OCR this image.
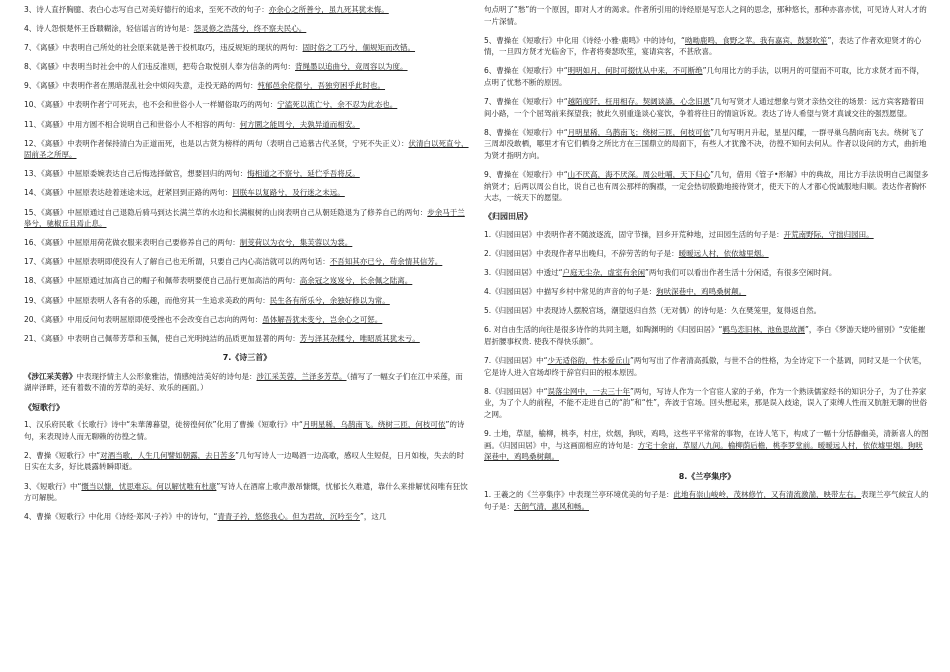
3、诗人直抒胸臆、表白心志写自己对美好德行的追求，至死不改的句子：亦余心之所善兮，虽九死其犹未悔。
4、诗人怨恨楚怀王昏聩糊涂，轻信谣言的诗句是：怨灵修之浩荡兮，终不察夫民心。
7、《离骚》中表明自己所处的社会原来就是善于投机取巧，违反规矩的现状的两句：固时俗之工巧兮，偭规矩而改错。
8、《离骚》中表明当时社会中的人们违反准则，把苟合取悦别人奉为信条的两句：背绳墨以追曲兮，竞周容以为度。
9、《离骚》中表明作者在黑暗混乱社会中烦闷失意，走投无路的两句：忳郁邑余侘傺兮，吾独穷困乎此时也。
10、《离骚》中表明作者宁可死去，也不会和世俗小人一样媚俗取巧的两句：宁溘死以流亡兮，余不忍为此态也。
11、《离骚》中用方圆不相合说明自己和世俗小人不相容的两句：何方圜之能周兮，夫孰异道而相安。
12、《离骚》中表明作者保持清白为正道而死，也是以古贤为榜样的两句（表明自己追慕古代圣贤，宁死不失正义）：伏清白以死直兮，固前圣之所厚。
13、《离骚》中屈原委婉表达自己后悔选择做官，想要回归的两句：悔相道之不察兮，延伫乎吾将反。
14、《离骚》中屈原表达趁着迷途未远，赶紧回到正路的两句：回朕车以复路兮，及行迷之未远。
15、《离骚》中屈原通过自己退隐后骑马到达长满兰草的水边和长满椒树的山岗表明自己从朝廷隐退为了修养自己的两句：步余马于兰皋兮，驰椒丘且焉止息。
16、《离骚》中屈原用荷花做衣服来表明自己要修养自己的两句：制芰荷以为衣兮，集芙蓉以为裳。
17、《离骚》中屈原表明即使没有人了解自己也无所谓，只要自己内心高洁就可以的两句话：不吾知其亦已兮，苟余情其信芳。
18、《离骚》中屈原通过加高自己的帽子和佩带表明要使自己品行更加高洁的两句：高余冠之岌岌兮，长余佩之陆离。
19、《离骚》中屈原表明人各有各的乐趣，而他穷其一生追求美政的两句：民生各有所乐兮，余独好修以为常。
20、《离骚》中用反问句表明屈原即使受挫也不会改变自己志向的两句：虽体解吾犹未变兮，岂余心之可惩。
21、《离骚》中表明自己佩带芳草和玉佩，使自己光明纯洁的品质更加显著的两句：芳与泽其杂糅兮，唯昭质其犹未亏。
7.《诗三首》
《涉江采芙蓉》中表现抒情主人公形象雅洁，情感纯洁美好的诗句是：涉江采芙蓉，兰泽多芳草。（描写了一幅女子们在江中采莲，而湖岸泽畔，还有着数不清的芳草的美好、欢乐的画面。）
《短歌行》
1、汉乐府民歌《长歌行》诗中“朱華薄暮望，徒徬徨何依”化用了曹操《短歌行》中“月明星稀，乌鹊南飞。绕树三匝，何枝可依”的诗句，来表现诗人而无聊赖的彷徨之情。
2、曹操《短歌行》中“对酒当歌，人生几何譬如朝露，去日苦多”几句写诗人一边喝酒一边高歌，感叹人生短促，日月如梭，失去的时日实在太多，好比晨露转瞬即逝。
3、《短歌行》中“慨当以慷，忧思难忘。何以解忧唯有杜康”写诗人在酒席上歌声激昂慷慨，忧郁长久难遣，靠什么来排解忧闷唯有狂饮方可解脱。
4、曹操《短歌行》中化用《诗经·郑风·子衿》中的诗句，“青青子衿，悠悠我心。但为君故，沉吟至今”，这几
句点明了“愁”的一个原因，即对人才的渴求。作者所引用的诗经原是写恋人之间的思念，那种悠长，那种亦喜亦忧，可见诗人对人才的一片深情。
5、曹操在《短歌行》中化用《诗经·小雅·鹿鸣》中的诗句，“呦呦鹿鸣，食野之苹。我有嘉宾，鼓瑟吹笙”，表达了作者欢迎贤才的心情，一旦四方贤才光临舍下，作者将奏瑟吹笙，宴请宾客，不甚欣喜。
6、曹操在《短歌行》中“明明如月，何时可掇忧从中来，不可断绝”几句用比方的手法，以明月的可望而不可取，比方求贤才而不得，点明了忧愁不断的原因。
7、曹操在《短歌行》中“越陌度阡，枉用相存。契阔谈讌，心念旧恩”几句写贤才人通过想象与贤才亲热交往的场景：远方宾客踏着田间小路，一个个屈驾前来探望我；彼此久别重逢谈心宴饮，争着将往日的情谊诉说。表达了诗人希望与贤才真诚交往的强烈愿望。
8、曹操在《短歌行》中“月明星稀，乌鹊南飞；绕树三匝，何枝可依”几句写明月升起，星星闪耀，一群寻巢乌鹊向南飞去。绕树飞了三周却没敢栖，哪里才有它们栖身之所比方在三国鼎立的局面下，有些人才犹豫不决，彷徨不知何去何从。作者以设问的方式，曲折地为贤才指明方向。
9、曹操在《短歌行》中“山不厌高，海不厌深。周公吐哺，天下归心”几句，借用《管子•形解》中的典故，用比方手法说明自己渴望多纳贤才；后两以周公自比，说自己也有周公那样的胸襟，一定会热切殷勤地接待贤才，使天下的人才都心悦诚服地归顺。表达作者胸怀大志，一统天下的愿望。
《归园田居》
1.《归园田居》中表明作者不随波逐流，固守节操，回乡开荒种地，过田园生活的句子是：开荒南野际，守拙归园田。
2.《归园田居》中表现作者早出晚归，不辞劳苦的句子是：暧暧远人村，依依墟里烟。
3.《归园田居》中透过“户庭无尘杂，虚室有余闲”两句我们可以看出作者生活十分闲适，有很多空闲时间。
4.《归园田居》中描写乡村中常见的声音的句子是：狗吠深巷中，鸡鸣桑树颠。
5.《归园田居》中表现诗人摆脱官场，潮望返归自然（无对偶）的诗句是：久在樊笼里，复得返自然。
6. 对自由生活的向往是很多诗作的共同主题，如陶渊明的《归园田居》“羁鸟恋旧林，池鱼思故渊”，李白《梦游天姥吟留别》“安能摧眉折腰事权贵. 使我不得快乐颜”。
7.《归园田居》中“少无适俗韵，性本爱丘山”两句写出了作者清高孤傲，与世不合的性格，为全诗定下一个基调，同时又是一个伏笔，它是诗人进入官场却终于辞官归田的根本原因。
8.《归园田居》中“误落尘网中，一去三十年”两句，写诗人作为一个官宦人家的子弟，作为一个熟读儒家经书的知识分子，为了仕养家业，为了个人的前程，不能不走进自己的“韵”和“性”，奔波于官场。回头想起来，那是误入歧途，误入了束缚人性而又肮脏无聊的世俗之网。
9. 土地，草屋，榆柳，桃李，村庄，炊烟，狗吠，鸡鸣，这些平平常常的事物，在诗人笔下，构成了一幅十分恬静幽美，清新喜人的图画。《归园田居》中，与这画面相应的诗句是：方宅十余亩，草屋八九间。榆柳荫后檐，桃李罗堂前。暧暧远人村，依依墟里烟。狗吠深巷中，鸡鸣桑树颠。
8.《兰亭集序》
1. 王羲之的《兰亭集序》中表现兰亭环境优美的句子是：此地有崇山峻岭，茂林修竹，又有清流激湍，映带左右。表现兰亭气候宜人的句子是：天朗气清，惠风和畅。
